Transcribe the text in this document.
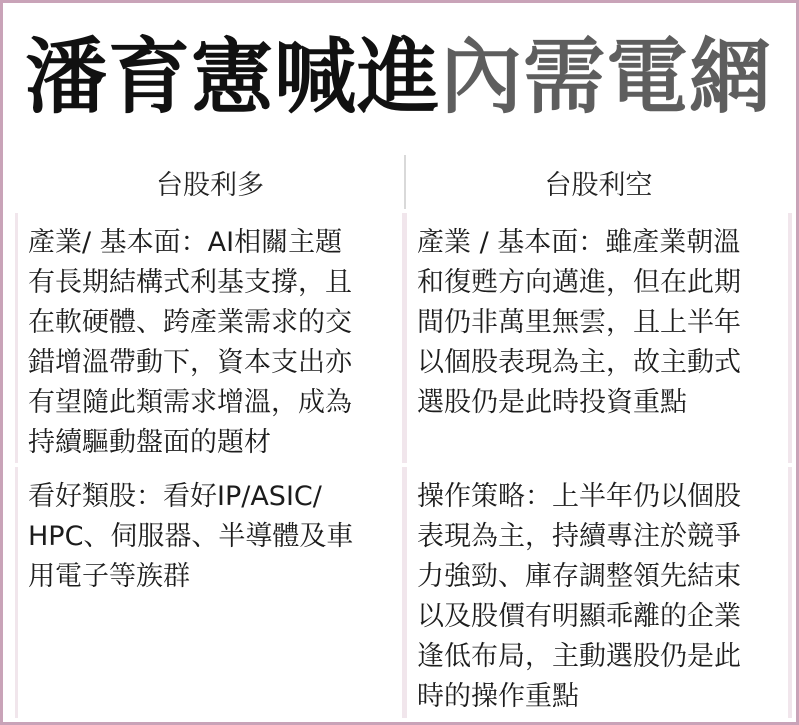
潘育憲喊進內需電網
台股利多	台股利空
產業/ 基本面：AI相關主題
有長期結構式利基支撐，且
在軟硬體、跨產業需求的交
錯增溫帶動下，資本支出亦
有望隨此類需求增溫，成為
持續驅動盤面的題材
產業 / 基本面：雖產業朝溫
和復甦方向邁進，但在此期
間仍非萬里無雲，且上半年
以個股表現為主，故主動式
選股仍是此時投資重點
看好類股：看好IP/ASIC/
HPC、伺服器、半導體及車
用電子等族群
操作策略：上半年仍以個股
表現為主，持續專注於競爭
力強勁、庫存調整領先結束
以及股價有明顯乖離的企業
逢低布局，主動選股仍是此
時的操作重點
